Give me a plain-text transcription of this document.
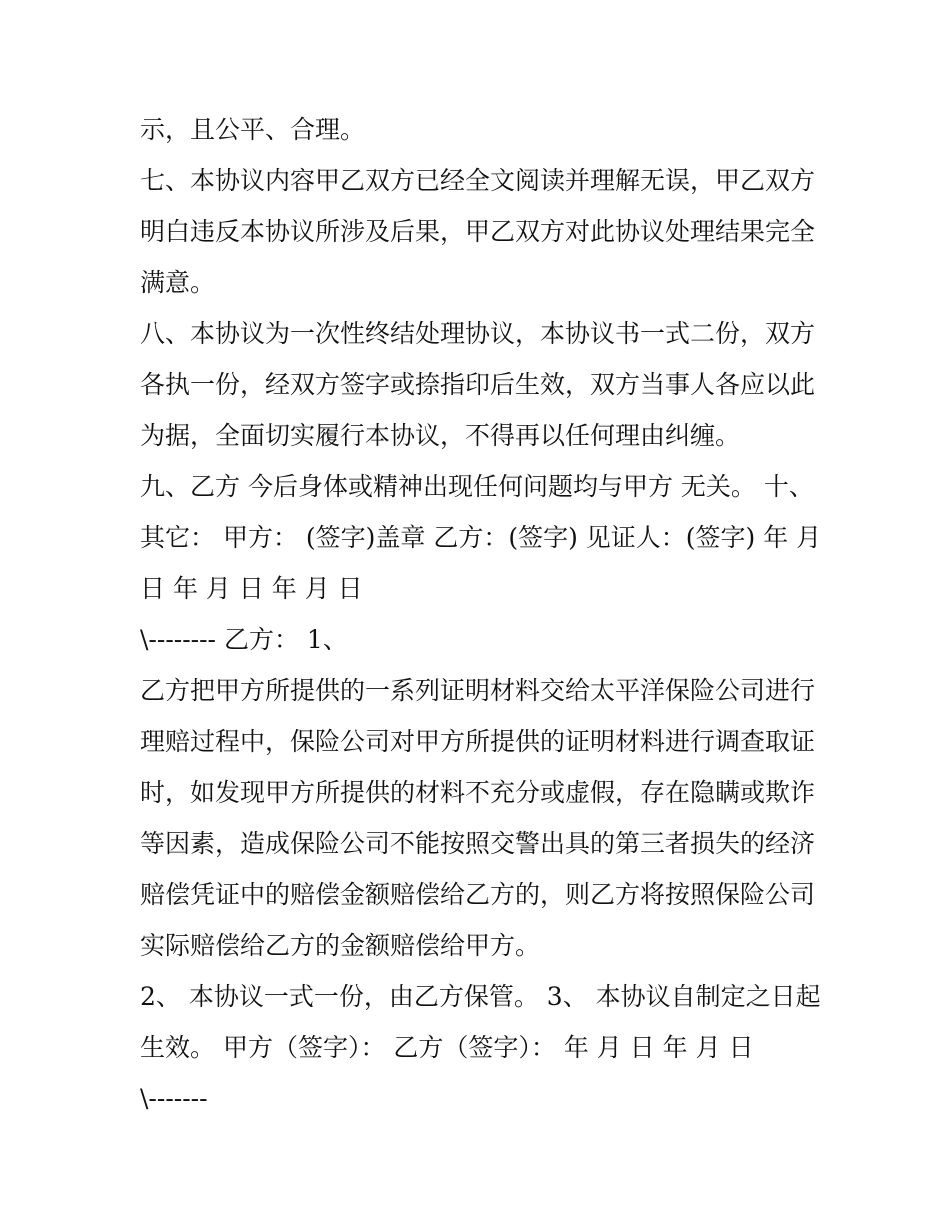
示，且公平、合理。
七、本协议内容甲乙双方已经全文阅读并理解无误，甲乙双方
明白违反本协议所涉及后果，甲乙双方对此协议处理结果完全
满意。
八、本协议为一次性终结处理协议，本协议书一式二份，双方
各执一份，经双方签字或捺指印后生效，双方当事人各应以此
为据，全面切实履行本协议，不得再以任何理由纠缠。
九、乙方 今后身体或精神出现任何问题均与甲方 无关。 十、
其它： 甲方： (签字)盖章 乙方：(签字) 见证人：(签字) 年 月
日 年 月 日 年 月 日
\-------- 乙方： 1、
乙方把甲方所提供的一系列证明材料交给太平洋保险公司进行
理赔过程中，保险公司对甲方所提供的证明材料进行调查取证
时，如发现甲方所提供的材料不充分或虚假，存在隐瞒或欺诈
等因素，造成保险公司不能按照交警出具的第三者损失的经济
赔偿凭证中的赔偿金额赔偿给乙方的，则乙方将按照保险公司
实际赔偿给乙方的金额赔偿给甲方。
2、 本协议一式一份，由乙方保管。 3、 本协议自制定之日起
生效。 甲方（签字）： 乙方（签字）： 年 月 日 年 月 日
\-------
